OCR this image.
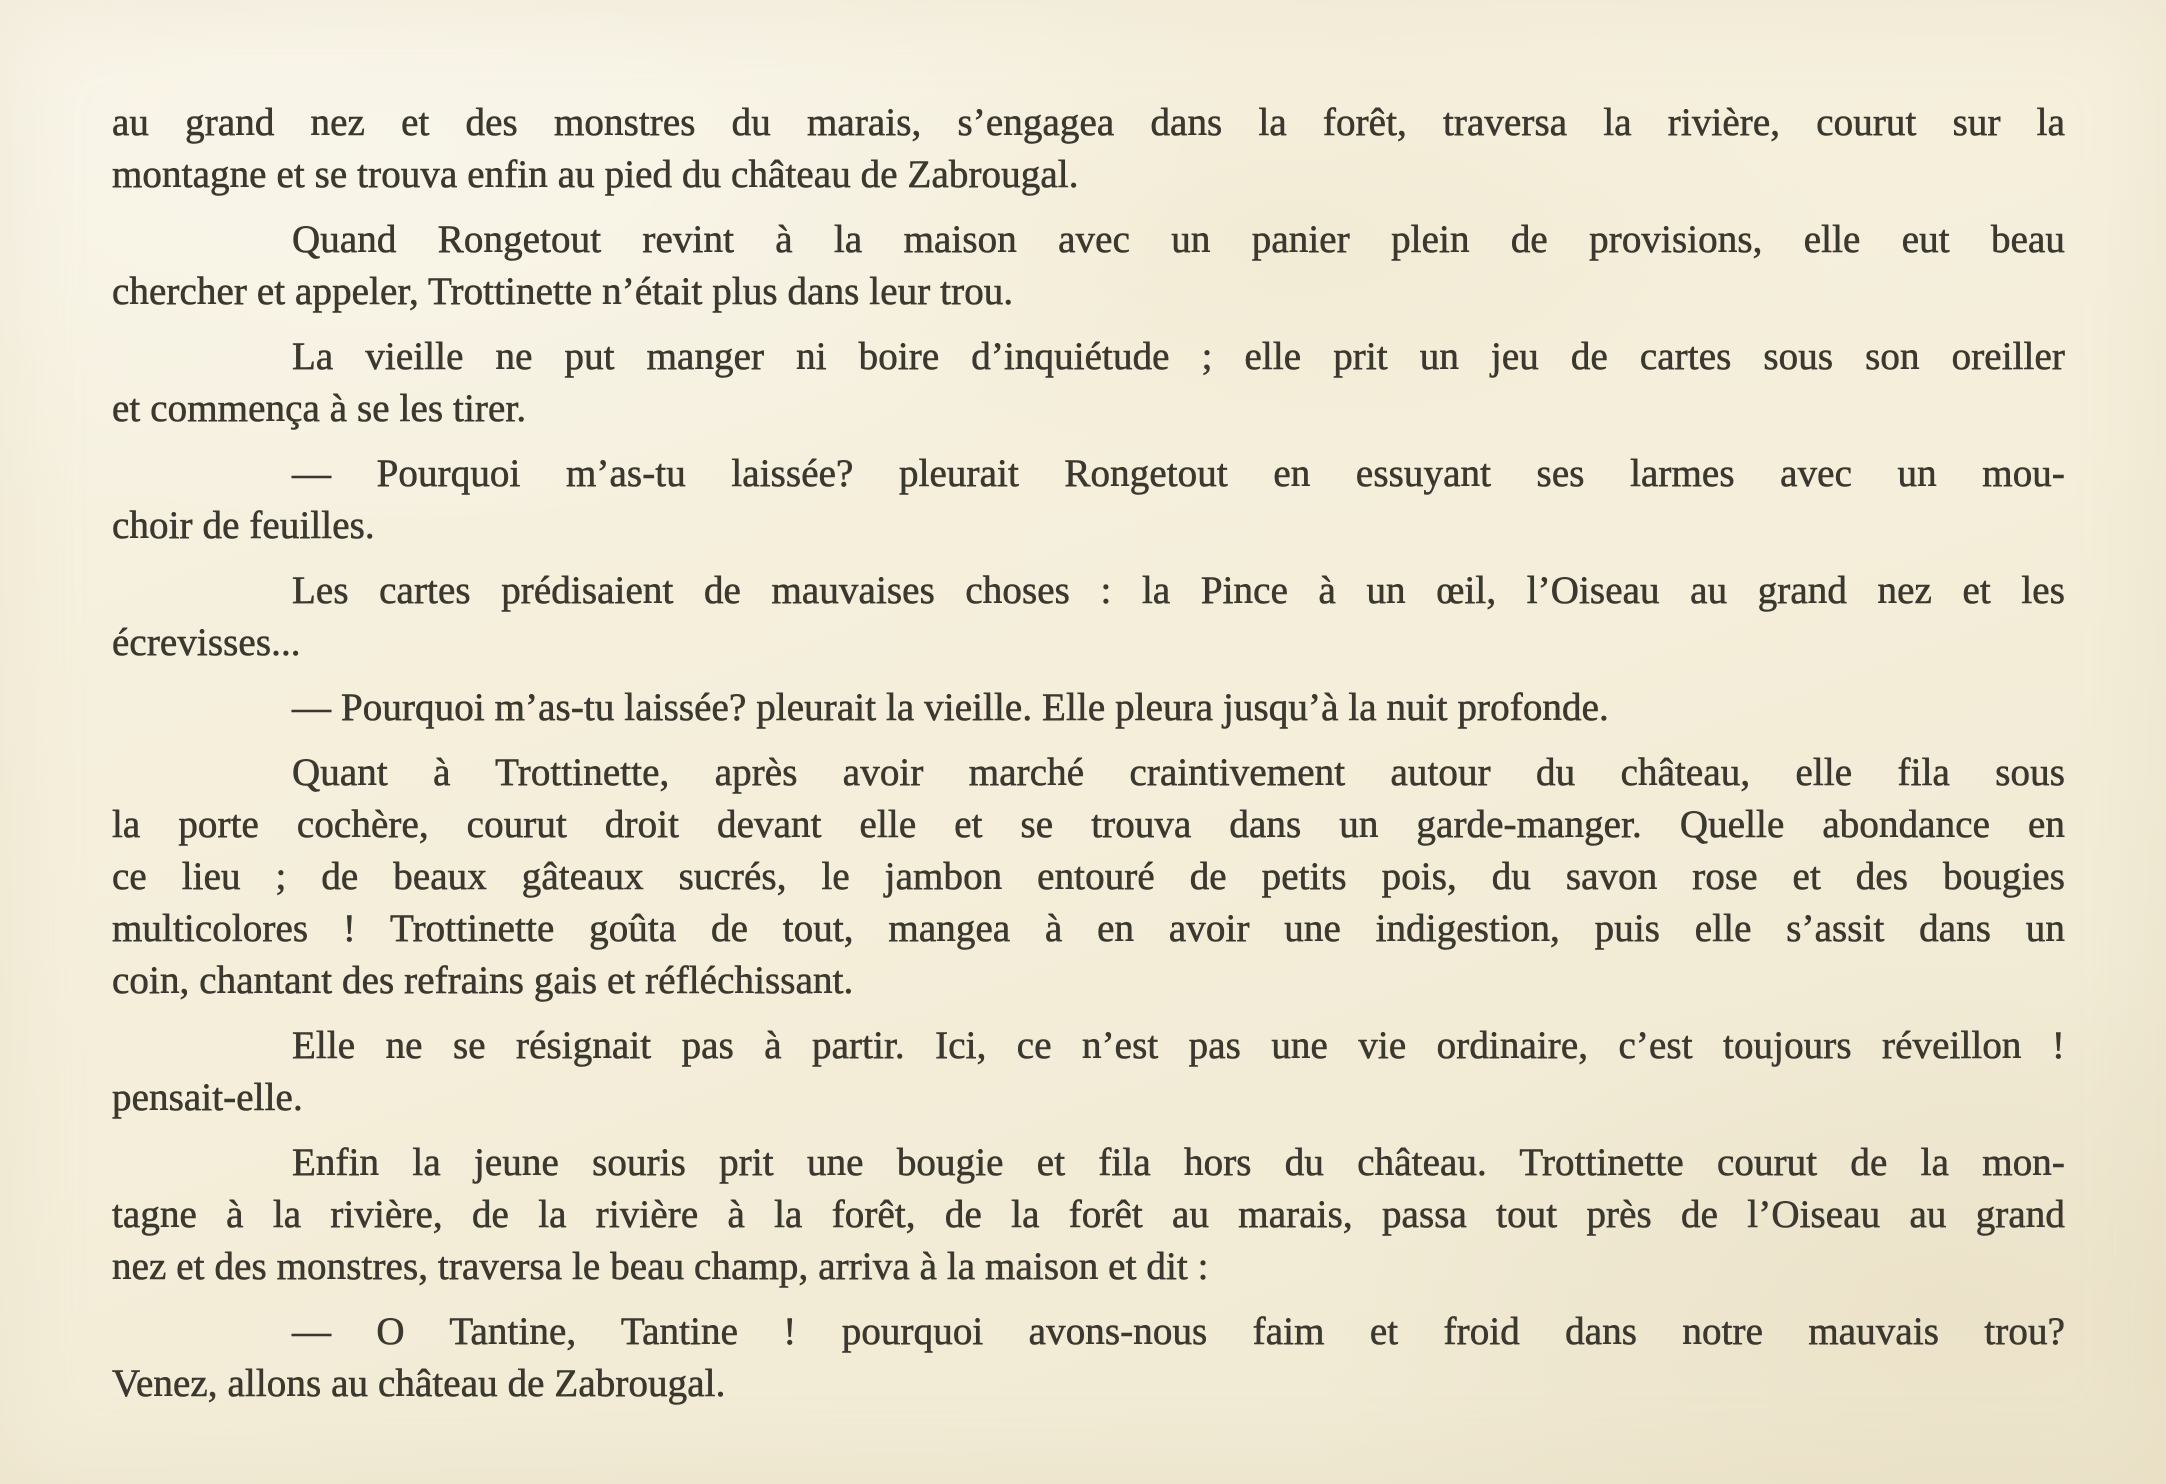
au grand nez et des monstres du marais, s’engagea dans la forêt, traversa la rivière, courut sur la
montagne et se trouva enfin au pied du château de Zabrougal.
Quand Rongetout revint à la maison avec un panier plein de provisions, elle eut beau
chercher et appeler, Trottinette n’était plus dans leur trou.
La vieille ne put manger ni boire d’inquiétude ; elle prit un jeu de cartes sous son oreiller
et commença à se les tirer.
— Pourquoi m’as-tu laissée? pleurait Rongetout en essuyant ses larmes avec un mou-
choir de feuilles.
Les cartes prédisaient de mauvaises choses : la Pince à un œil, l’Oiseau au grand nez et les
écrevisses...
— Pourquoi m’as-tu laissée? pleurait la vieille. Elle pleura jusqu’à la nuit profonde.
Quant à Trottinette, après avoir marché craintivement autour du château, elle fila sous
la porte cochère, courut droit devant elle et se trouva dans un garde-manger. Quelle abondance en
ce lieu ; de beaux gâteaux sucrés, le jambon entouré de petits pois, du savon rose et des bougies
multicolores ! Trottinette goûta de tout, mangea à en avoir une indigestion, puis elle s’assit dans un
coin, chantant des refrains gais et réfléchissant.
Elle ne se résignait pas à partir. Ici, ce n’est pas une vie ordinaire, c’est toujours réveillon !
pensait-elle.
Enfin la jeune souris prit une bougie et fila hors du château. Trottinette courut de la mon-
tagne à la rivière, de la rivière à la forêt, de la forêt au marais, passa tout près de l’Oiseau au grand
nez et des monstres, traversa le beau champ, arriva à la maison et dit :
— O Tantine, Tantine ! pourquoi avons-nous faim et froid dans notre mauvais trou?
Venez, allons au château de Zabrougal.
